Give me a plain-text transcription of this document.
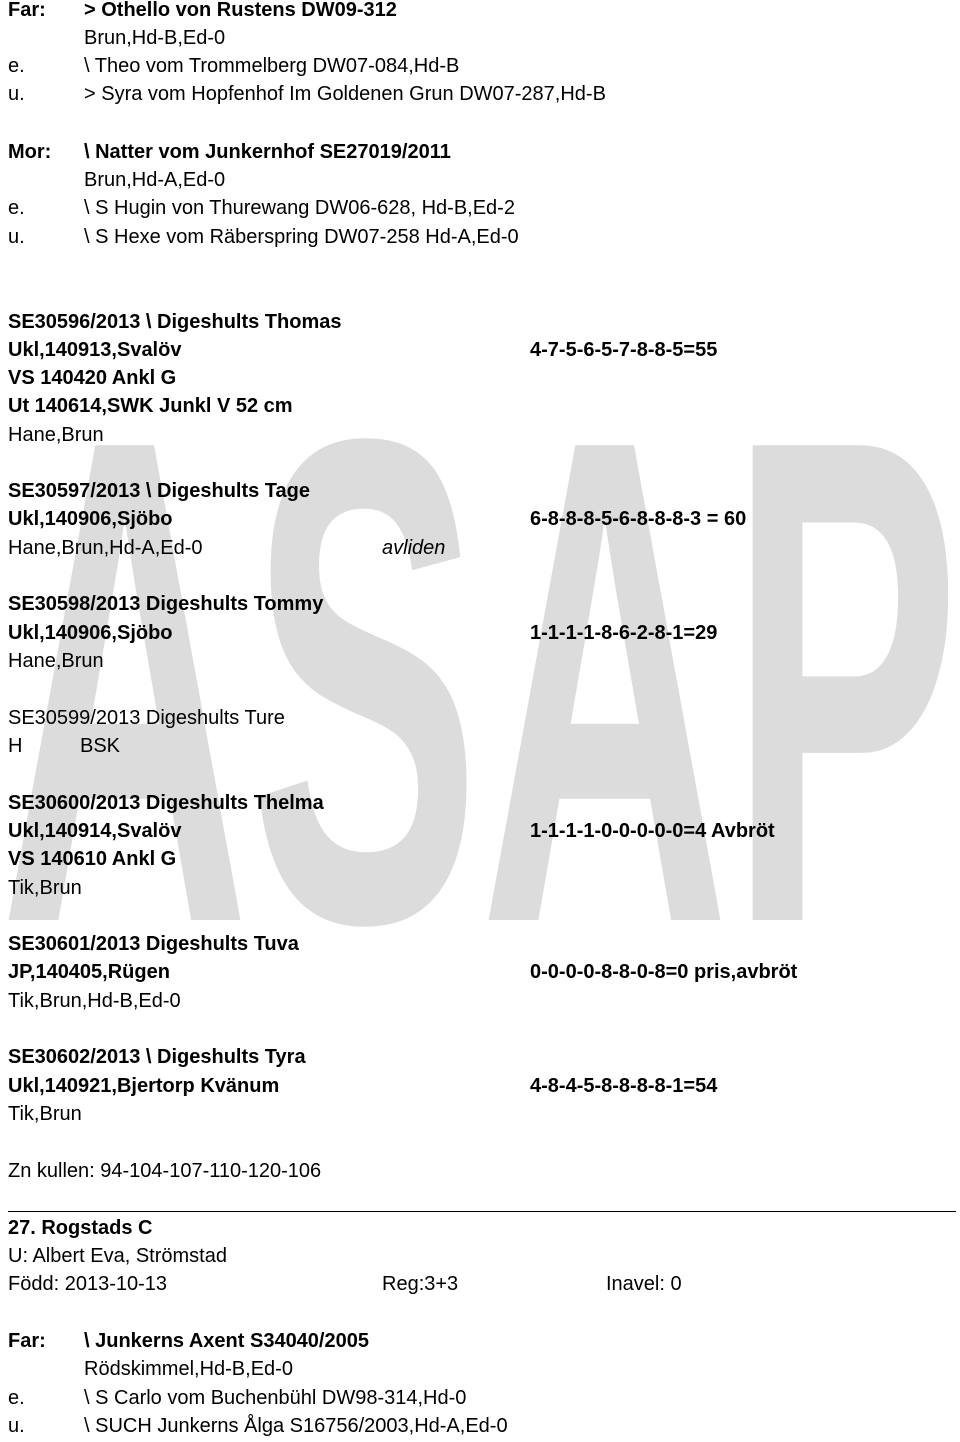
ASAP
Far: > Othello von Rustens DW09-312
Brun,Hd-B,Ed-0
e.	\ Theo vom Trommelberg DW07-084,Hd-B
u.	> Syra vom Hopfenhof Im Goldenen Grun DW07-287,Hd-B
Mor: \ Natter vom Junkernhof SE27019/2011
Brun,Hd-A,Ed-0
e.	\ S Hugin von Thurewang DW06-628, Hd-B,Ed-2
u.	\ S Hexe vom Räberspring DW07-258 Hd-A,Ed-0
SE30596/2013 \ Digeshults Thomas
Ukl,140913,Svalöv	4-7-5-6-5-7-8-8-5=55
VS 140420 Ankl G
Ut 140614,SWK Junkl V 52 cm
Hane,Brun
SE30597/2013 \ Digeshults Tage
Ukl,140906,Sjöbo	6-8-8-8-5-6-8-8-8-3 = 60
Hane,Brun,Hd-A,Ed-0	avliden
SE30598/2013 Digeshults Tommy
Ukl,140906,Sjöbo	1-1-1-1-8-6-2-8-1=29
Hane,Brun
SE30599/2013 Digeshults Ture
H	BSK
SE30600/2013 Digeshults Thelma
Ukl,140914,Svalöv	1-1-1-1-0-0-0-0-0=4 Avbröt
VS 140610 Ankl G
Tik,Brun
SE30601/2013 Digeshults Tuva
JP,140405,Rügen	0-0-0-0-8-8-0-8=0 pris,avbröt
Tik,Brun,Hd-B,Ed-0
SE30602/2013 \ Digeshults Tyra
Ukl,140921,Bjertorp Kvänum	4-8-4-5-8-8-8-8-1=54
Tik,Brun
Zn kullen: 94-104-107-110-120-106
27. Rogstads C
U: Albert Eva, Strömstad
Född: 2013-10-13	Reg:3+3	Inavel: 0
Far: \ Junkerns Axent S34040/2005
Rödskimmel,Hd-B,Ed-0
e.	\ S Carlo vom Buchenbühl DW98-314,Hd-0
u.	\ SUCH Junkerns Ålga S16756/2003,Hd-A,Ed-0
